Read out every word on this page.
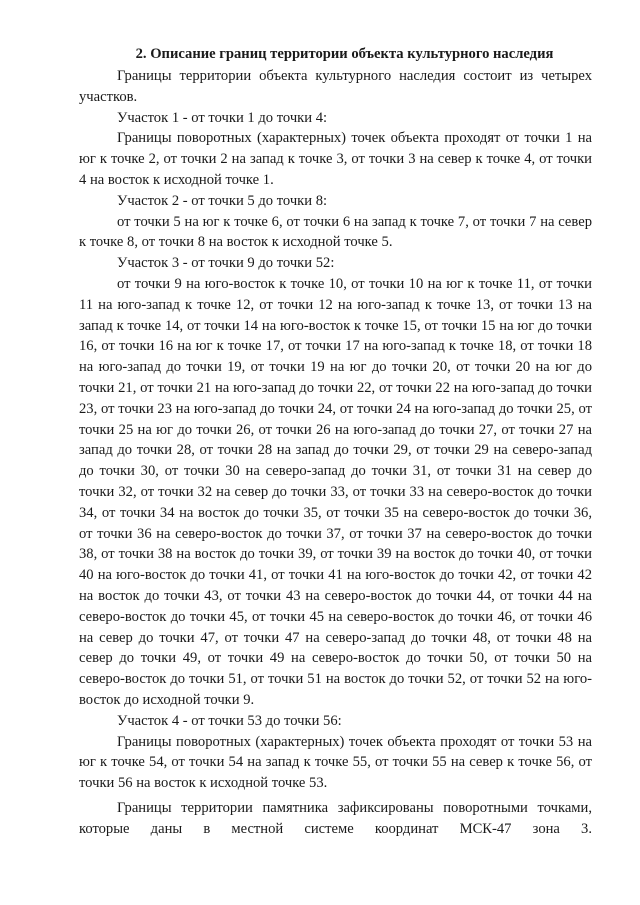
2. Описание границ территории объекта культурного наследия

Границы территории объекта культурного наследия состоит из четырех участков.

Участок 1 - от точки 1 до точки 4:

Границы поворотных (характерных) точек объекта проходят от точки 1 на юг к точке 2, от точки 2 на запад к точке 3, от точки 3 на север к точке 4, от точки 4 на восток к исходной точке 1.

Участок 2 - от точки 5 до точки 8:

от точки 5 на юг к точке 6, от точки 6 на запад к точке 7, от точки 7 на север к точке 8, от точки 8 на восток к исходной точке 5.

Участок 3 - от точки 9 до точки 52:

от точки 9 на юго-восток к точке 10, от точки 10 на юг к точке 11, от точки 11 на юго-запад к точке 12, от точки 12 на юго-запад к точке 13, от точки 13 на запад к точке 14, от точки 14 на юго-восток к точке 15, от точки 15 на юг до точки 16, от точки 16 на юг к точке 17, от точки 17 на юго-запад к точке 18, от точки 18 на юго-запад до точки 19, от точки 19 на юг до точки 20, от точки 20 на юг до точки 21, от точки 21 на юго-запад до точки 22, от точки 22 на юго-запад до точки 23, от точки 23 на юго-запад до точки 24, от точки 24 на юго-запад до точки 25, от точки 25 на юг до точки 26, от точки 26 на юго-запад до точки 27, от точки 27 на запад до точки 28, от точки 28 на запад до точки 29, от точки 29 на северо-запад до точки 30, от точки 30 на северо-запад до точки 31, от точки 31 на север до точки 32, от точки 32 на север до точки 33, от точки 33 на северо-восток до точки 34, от точки 34 на восток до точки 35, от точки 35 на северо-восток до точки 36, от точки 36 на северо-восток до точки 37, от точки 37 на северо-восток до точки 38, от точки 38 на восток до точки 39, от точки 39 на восток до точки 40, от точки 40 на юго-восток до точки 41, от точки 41 на юго-восток до точки 42, от точки 42 на восток до точки 43, от точки 43 на северо-восток до точки 44, от точки 44 на северо-восток до точки 45, от точки 45 на северо-восток до точки 46, от точки 46 на север до точки 47, от точки 47 на северо-запад до точки 48, от точки 48 на север до точки 49, от точки 49 на северо-восток до точки 50, от точки 50 на северо-восток до точки 51, от точки 51 на восток до точки 52, от точки 52 на юго-восток до исходной точки 9.

Участок 4 - от точки 53 до точки 56:

Границы поворотных (характерных) точек объекта проходят от точки 53 на юг к точке 54, от точки 54 на запад к точке 55, от точки 55 на север к точке 56, от точки 56 на восток к исходной точке 53.

Границы территории памятника зафиксированы поворотными точками, которые даны в местной системе координат МСК-47 зона 3.
